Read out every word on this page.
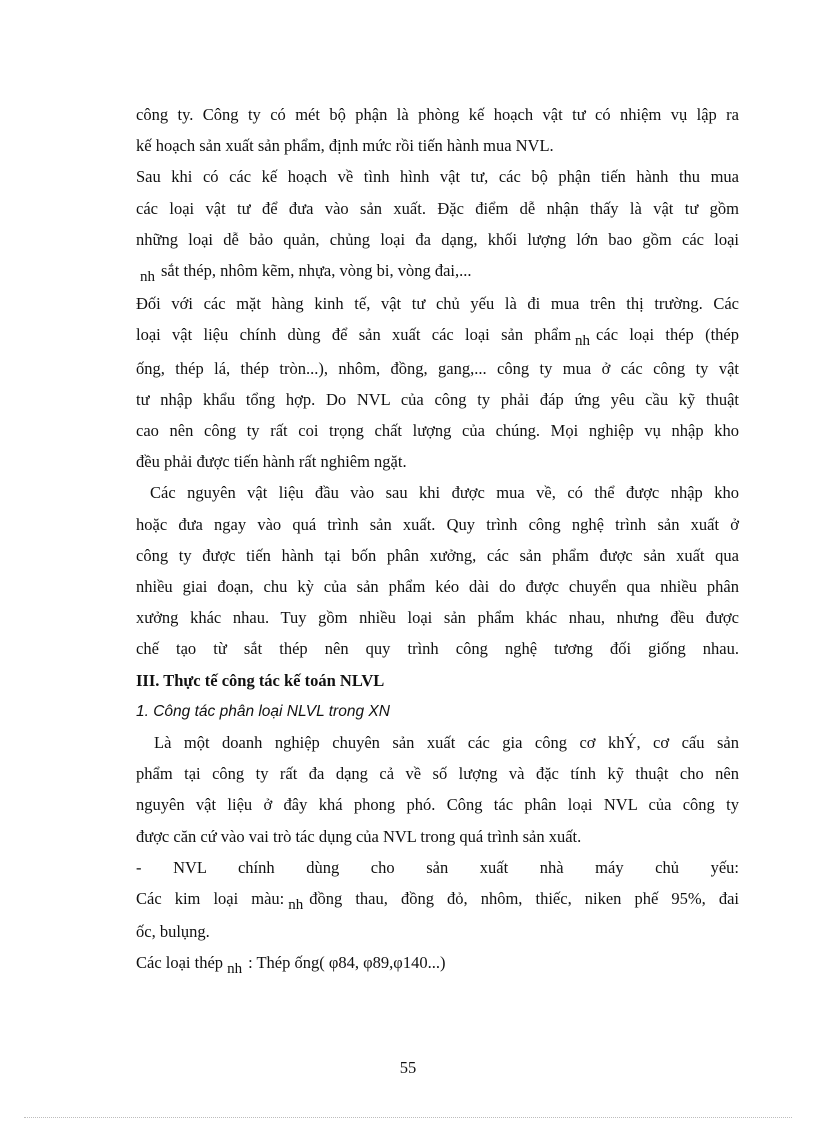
công ty. Công ty có mét bộ phận là phòng kế hoạch vật tư có nhiệm vụ lập ra

kế hoạch sản xuất sản phẩm, định mức rồi tiến hành mua NVL.

Sau khi có các kế hoạch về tình hình vật tư, các bộ phận tiến hành thu mua

các loại vật tư để đưa vào sản xuất. Đặc điểm dễ nhận thấy là vật tư gồm

những loại dễ bảo quản, chủng loại đa dạng, khối lượng lớn bao gồm các loại

nh sắt thép, nhôm kẽm, nhựa, vòng bi, vòng đai,...

Đối với các mặt hàng kinh tế, vật tư chủ yếu là đi mua trên thị trường. Các

loại vật liệu chính dùng để sản xuất các loại sản phẩm nh các loại thép (thép

ống, thép lá, thép tròn...), nhôm, đồng, gang,... công ty mua ở các công ty vật

tư nhập khẩu tổng hợp. Do NVL của công ty phải đáp ứng yêu cầu kỹ thuật

cao nên công ty rất coi trọng chất lượng của chúng. Mọi nghiệp vụ nhập kho

đều phải được tiến hành rất nghiêm ngặt.

Các nguyên vật liệu đầu vào sau khi được mua về, có thể được nhập kho

hoặc đưa ngay vào quá trình sản xuất. Quy trình công nghệ trình sản xuất ở

công ty được tiến hành tại bốn phân xưởng, các sản phẩm được sản xuất qua

nhiều giai đoạn, chu kỳ của sản phẩm kéo dài do được chuyển qua nhiều phân

xưởng khác nhau. Tuy gồm nhiều loại sản phẩm khác nhau, nhưng đều được

chế tạo từ sắt thép nên quy trình công nghệ tương đối giống nhau.

III. Thực tế công tác kế toán NLVL

1. Công tác phân loại NLVL trong XN

Là một doanh nghiệp chuyên sản xuất các gia công cơ khÝ, cơ cấu sản

phẩm tại công ty rất đa dạng cả về số lượng và đặc tính kỹ thuật cho nên

nguyên vật liệu ở đây khá phong phó. Công tác phân loại NVL của công ty

được căn cứ vào vai trò tác dụng của NVL trong quá trình sản xuất.

- NVL chính dùng cho sản xuất nhà máy chủ yếu:

Các kim loại màu: nh đồng thau, đồng đỏ, nhôm, thiếc, niken phế 95%, đai

ốc, bulụng.

Các loại thép nh : Thép ống( φ84, φ89,φ140...)

55
